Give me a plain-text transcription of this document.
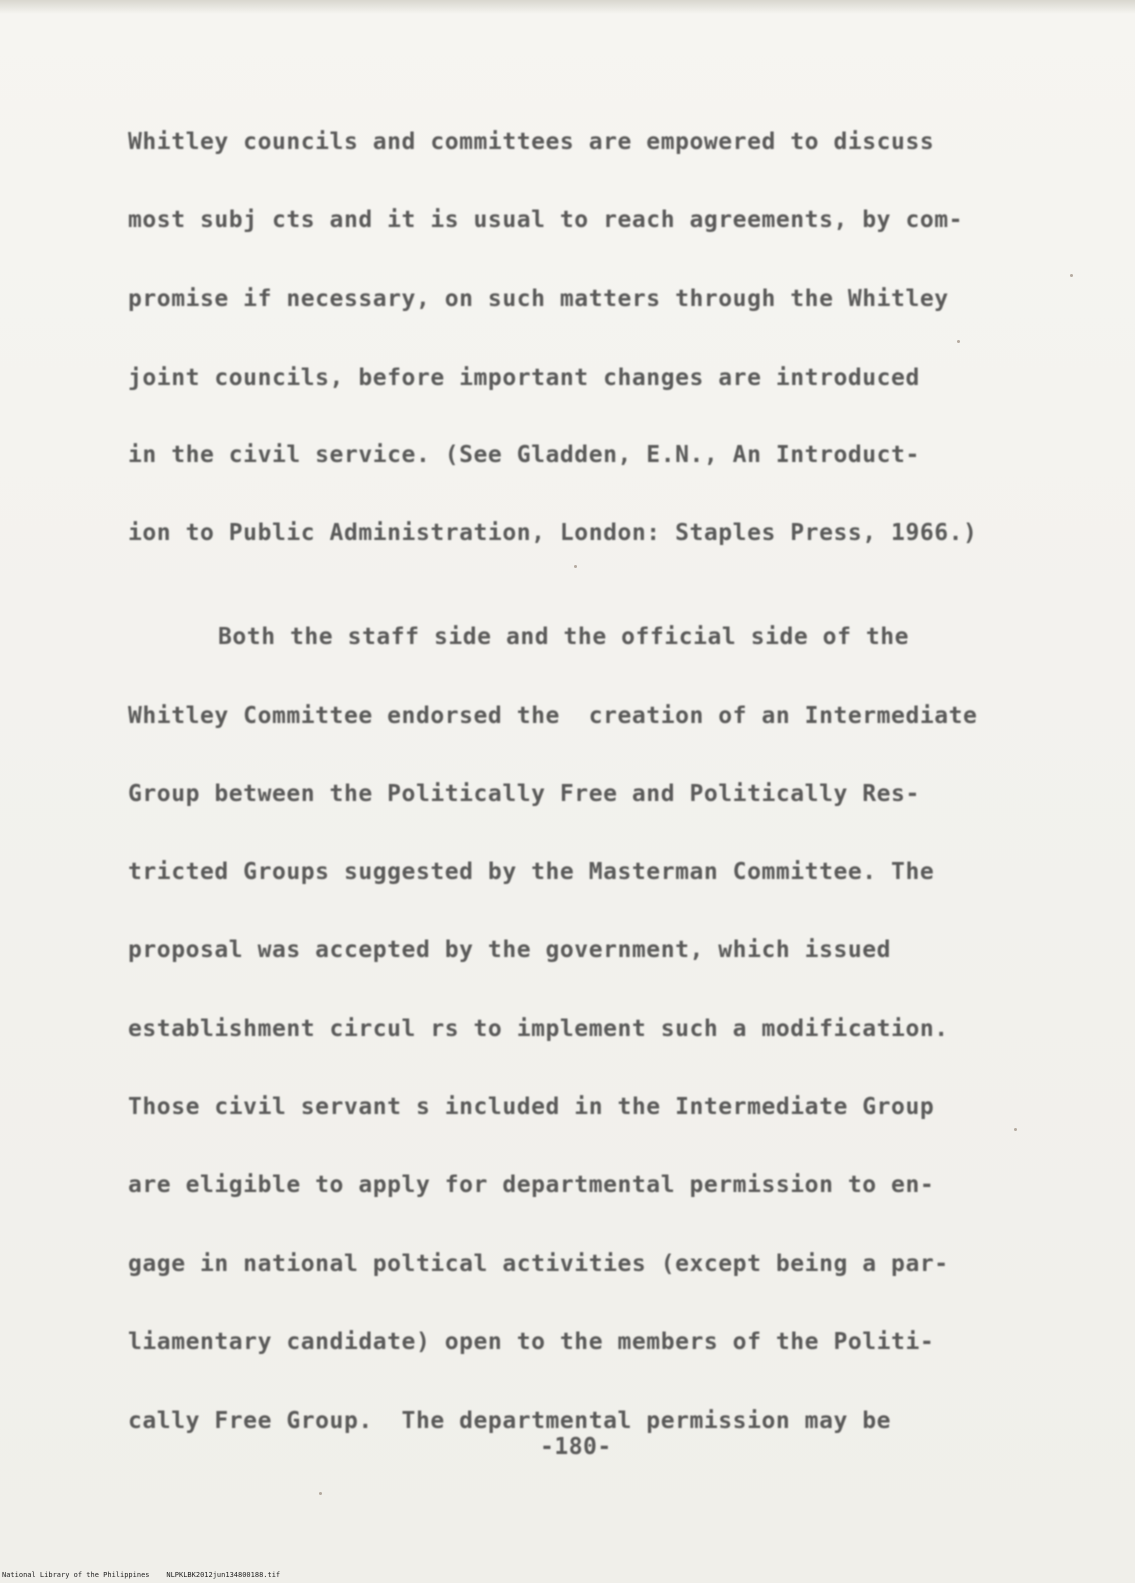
Whitley councils and committees are empowered to discuss

most subj cts and it is usual to reach agreements, by com-

promise if necessary, on such matters through the Whitley

joint councils, before important changes are introduced

in the civil service. (See Gladden, E.N., An Introduct-

ion to Public Administration, London: Staples Press, 1966.)

Both the staff side and the official side of the

Whitley Committee endorsed the  creation of an Intermediate

Group between the Politically Free and Politically Res-

tricted Groups suggested by the Masterman Committee. The

proposal was accepted by the government, which issued

establishment circul rs to implement such a modification.

Those civil servant s included in the Intermediate Group

are eligible to apply for departmental permission to en-

gage in national poltical activities (except being a par-

liamentary candidate) open to the members of the Politi-

cally Free Group.  The departmental permission may be

-180-

National Library of the Philippines    NLPKLBK2012jun134800188.tif
